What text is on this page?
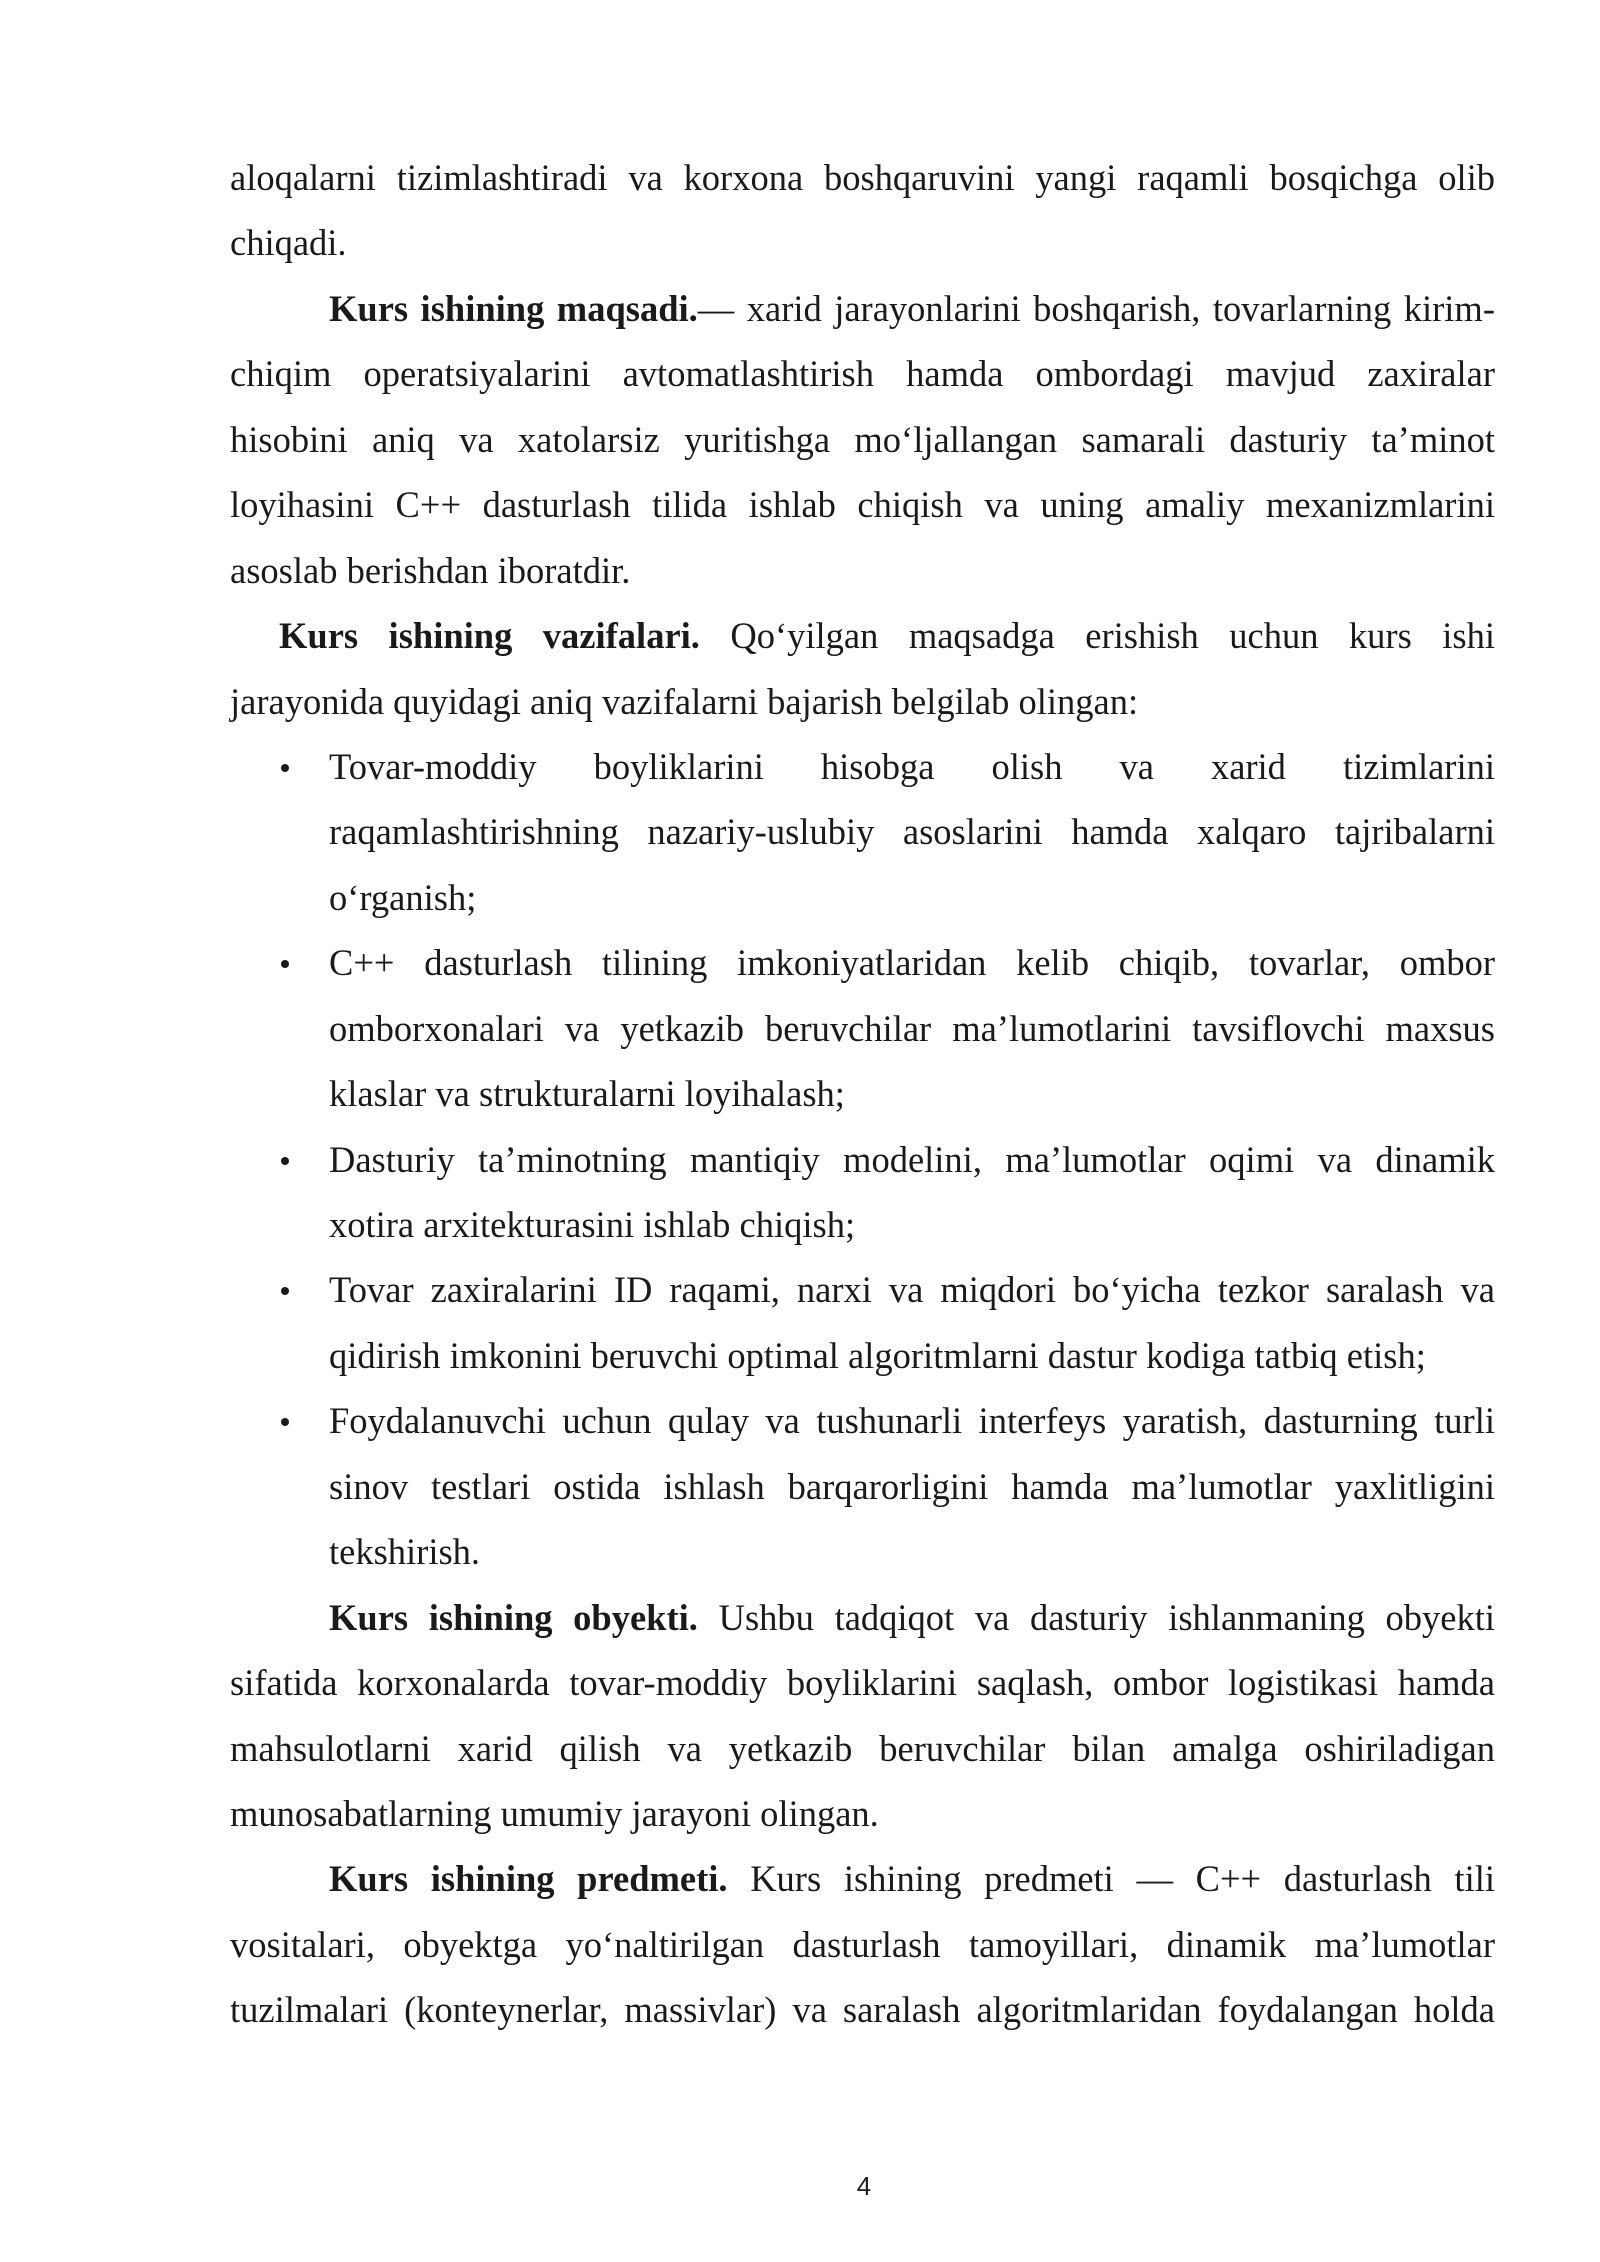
aloqalarni tizimlashtiradi va korxona boshqaruvini yangi raqamli bosqichga olib
chiqadi.
Kurs ishining maqsadi.— xarid jarayonlarini boshqarish, tovarlarning kirim-
chiqim operatsiyalarini avtomatlashtirish hamda ombordagi mavjud zaxiralar
hisobini aniq va xatolarsiz yuritishga mo‘ljallangan samarali dasturiy ta’minot
loyihasini C++ dasturlash tilida ishlab chiqish va uning amaliy mexanizmlarini
asoslab berishdan iboratdir.
Kurs ishining vazifalari. Qo‘yilgan maqsadga erishish uchun kurs ishi
jarayonida quyidagi aniq vazifalarni bajarish belgilab olingan:
Tovar-moddiy boyliklarini hisobga olish va xarid tizimlarini
raqamlashtirishning nazariy-uslubiy asoslarini hamda xalqaro tajribalarni
o‘rganish;
C++ dasturlash tilining imkoniyatlaridan kelib chiqib, tovarlar, ombor
omborxonalari va yetkazib beruvchilar ma’lumotlarini tavsiflovchi maxsus
klaslar va strukturalarni loyihalash;
Dasturiy ta’minotning mantiqiy modelini, ma’lumotlar oqimi va dinamik
xotira arxitekturasini ishlab chiqish;
Tovar zaxiralarini ID raqami, narxi va miqdori bo‘yicha tezkor saralash va
qidirish imkonini beruvchi optimal algoritmlarni dastur kodiga tatbiq etish;
Foydalanuvchi uchun qulay va tushunarli interfeys yaratish, dasturning turli
sinov testlari ostida ishlash barqarorligini hamda ma’lumotlar yaxlitligini
tekshirish.
Kurs ishining obyekti. Ushbu tadqiqot va dasturiy ishlanmaning obyekti
sifatida korxonalarda tovar-moddiy boyliklarini saqlash, ombor logistikasi hamda
mahsulotlarni xarid qilish va yetkazib beruvchilar bilan amalga oshiriladigan
munosabatlarning umumiy jarayoni olingan.
Kurs ishining predmeti. Kurs ishining predmeti — C++ dasturlash tili
vositalari, obyektga yo‘naltirilgan dasturlash tamoyillari, dinamik ma’lumotlar
tuzilmalari (konteynerlar, massivlar) va saralash algoritmlaridan foydalangan holda
4
